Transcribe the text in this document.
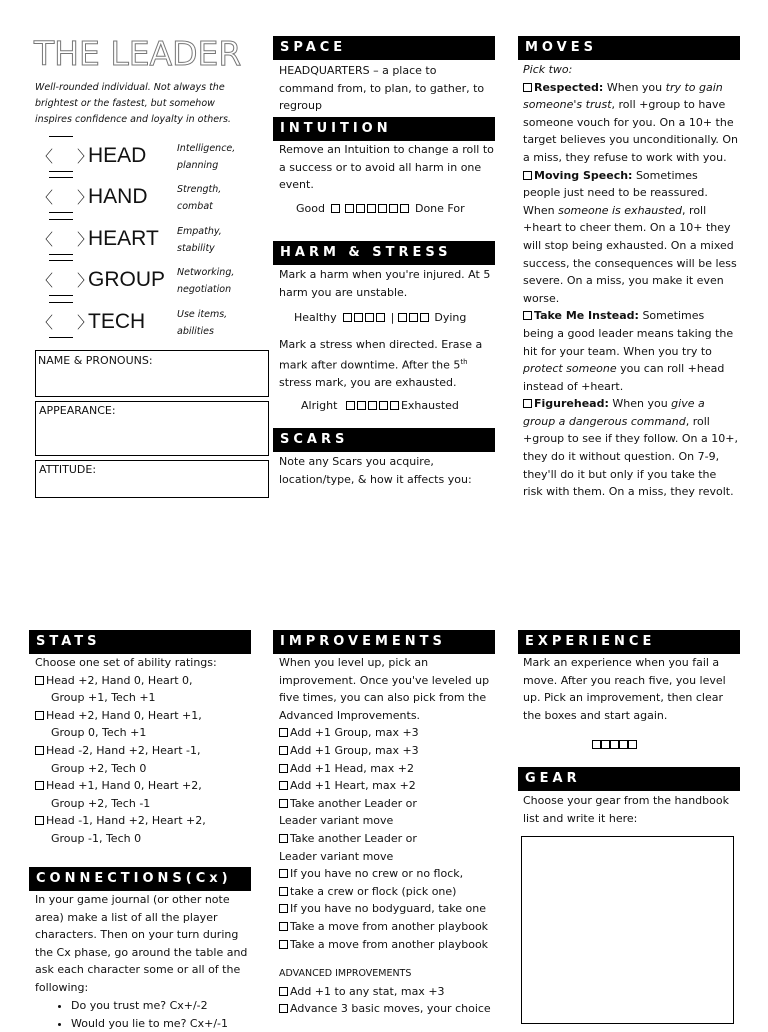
THE LEADER
Well-rounded individual. Not always the brightest or the fastest, but somehow inspires confidence and loyalty in others.
〈  〉
HEAD	Intelligence, planning
〈  〉
HAND	Strength, combat
〈  〉
HEART Empathy, stability
〈  〉
GROUP Networking, negotiation
〈  〉
TECH	Use items, abilities
NAME & PRONOUNS:
APPEARANCE:
ATTITUDE:
SPACE
HEADQUARTERS – a place to command from, to plan, to gather, to regroup
INTUITION
Remove an Intuition to change a roll to a success or to avoid all harm in one event.
Good	Done For
HARM & STRESS
Mark a harm when you're injured. At 5 harm you are unstable.
Healthy	|	Dying
Mark a stress when directed. Erase a mark after downtime. After the 5th stress mark, you are exhausted.
Alright	Exhausted
SCARS
Note any Scars you acquire, location/type, & how it affects you:
MOVES
Pick two:
Respected: When you try to gain someone's trust, roll +group to have someone vouch for you. On a 10+ the target believes you unconditionally. On a miss, they refuse to work with you.
Moving Speech: Sometimes people just need to be reassured. When someone is exhausted, roll +heart to cheer them. On a 10+ they will stop being exhausted. On a mixed success, the consequences will be less severe. On a miss, you make it even worse.
Take Me Instead: Sometimes being a good leader means taking the hit for your team. When you try to protect someone you can roll +head instead of +heart.
Figurehead: When you give a group a dangerous command, roll +group to see if they follow. On a 10+, they do it without question. On 7-9, they'll do it but only if you take the risk with them. On a miss, they revolt.
STATS
Choose one set of ability ratings:
Head +2, Hand 0, Heart 0,
Group +1, Tech +1
Head +2, Hand 0, Heart +1,
Group 0, Tech +1
Head -2, Hand +2, Heart -1,
Group +2, Tech 0
Head +1, Hand 0, Heart +2,
Group +2, Tech -1
Head -1, Hand +2, Heart +2,
Group -1, Tech 0
CONNECTIONS(Cx)
In your game journal (or other note area) make a list of all the player characters. Then on your turn during the Cx phase, go around the table and ask each character some or all of the following:
• Do you trust me? Cx+/-2
• Would you lie to me? Cx+/-1
IMPROVEMENTS
When you level up, pick an improvement. Once you've leveled up five times, you can also pick from the Advanced Improvements.
Add +1 Group, max +3
Add +1 Group, max +3
Add +1 Head, max +2
Add +1 Heart, max +2
Take another Leader or
Leader variant move
Take another Leader or
Leader variant move
If you have no crew or no flock,
take a crew or flock (pick one)
If you have no bodyguard, take one
Take a move from another playbook
Take a move from another playbook
ADVANCED IMPROVEMENTS
Add +1 to any stat, max +3
Advance 3 basic moves, your choice
EXPERIENCE
Mark an experience when you fail a move. After you reach five, you level up. Pick an improvement, then clear the boxes and start again.
GEAR
Choose your gear from the handbook list and write it here:
